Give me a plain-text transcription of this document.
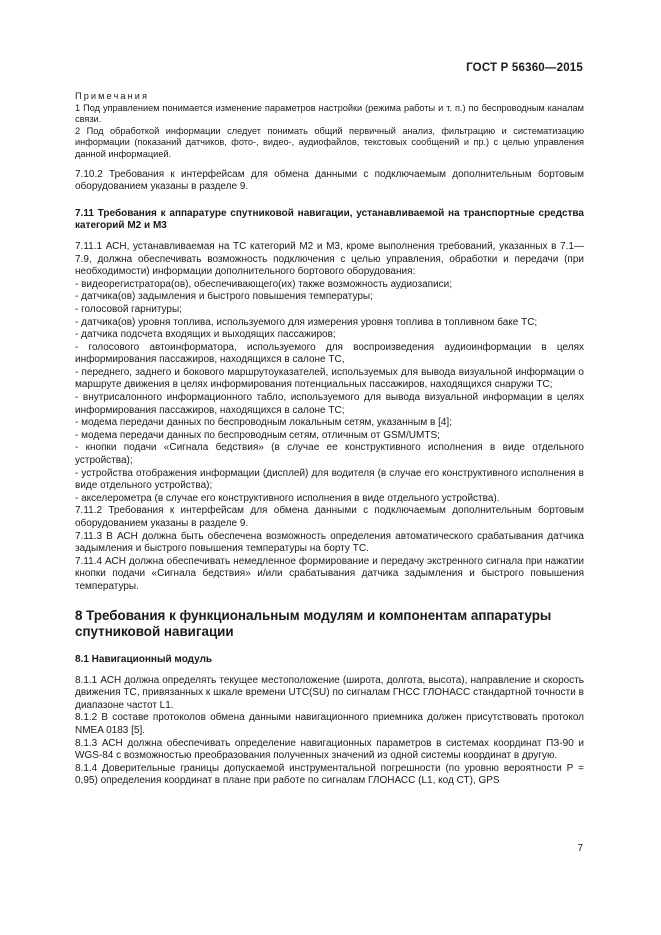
ГОСТ Р 56360—2015

Примечания

1 Под управлением понимается изменение параметров настройки (режима работы и т. п.) по беспроводным каналам связи.

2 Под обработкой информации следует понимать общий первичный анализ, фильтрацию и систематизацию информации (показаний датчиков, фото-, видео-, аудиофайлов, текстовых сообщений и пр.) с целью управления данной информацией.

7.10.2 Требования к интерфейсам для обмена данными с подключаемым дополнительным бортовым оборудованием указаны в разделе 9.

7.11 Требования к аппаратуре спутниковой навигации, устанавливаемой на транспортные средства категорий М2 и М3

7.11.1 АСН, устанавливаемая на ТС категорий М2 и М3, кроме выполнения требований, указанных в 7.1—7.9, должна обеспечивать возможность подключения с целью управления, обработки и передачи (при необходимости) информации дополнительного бортового оборудования:

- видеорегистратора(ов), обеспечивающего(их) также возможность аудиозаписи;

- датчика(ов) задымления и быстрого повышения температуры;

- голосовой гарнитуры;

- датчика(ов) уровня топлива, используемого для измерения уровня топлива в топливном баке ТС;

- датчика подсчета входящих и выходящих пассажиров;

- голосового автоинформатора, используемого для воспроизведения аудиоинформации в целях информирования пассажиров, находящихся в салоне ТС,

- переднего, заднего и бокового маршрутоуказателей, используемых для вывода визуальной информации о маршруте движения в целях информирования потенциальных пассажиров, находящихся снаружи ТС;

- внутрисалонного информационного табло, используемого для вывода визуальной информации в целях информирования пассажиров, находящихся в салоне ТС;

- модема передачи данных по беспроводным локальным сетям, указанным в [4];

- модема передачи данных по беспроводным сетям, отличным от GSM/UMTS;

- кнопки подачи «Сигнала бедствия» (в случае ее конструктивного исполнения в виде отдельного устройства);

- устройства отображения информации (дисплей) для водителя (в случае его конструктивного исполнения в виде отдельного устройства);

- акселерометра (в случае его конструктивного исполнения в виде отдельного устройства).

7.11.2 Требования к интерфейсам для обмена данными с подключаемым дополнительным бортовым оборудованием указаны в разделе 9.

7.11.3 В АСН должна быть обеспечена возможность определения автоматического срабатывания датчика задымления и быстрого повышения температуры на борту ТС.

7.11.4 АСН должна обеспечивать немедленное формирование и передачу экстренного сигнала при нажатии кнопки подачи «Сигнала бедствия» и/или срабатывания датчика задымления и быстрого повышения температуры.

8 Требования к функциональным модулям и компонентам аппаратуры спутниковой навигации

8.1 Навигационный модуль

8.1.1 АСН должна определять текущее местоположение (широта, долгота, высота), направление и скорость движения ТС, привязанных к шкале времени UTC(SU) по сигналам ГНСС ГЛОНАСС стандартной точности в диапазоне частот L1.

8.1.2 В составе протоколов обмена данными навигационного приемника должен присутствовать протокол NMEA 0183 [5].

8.1.3 АСН должна обеспечивать определение навигационных параметров в системах координат ПЗ-90 и WGS-84 с возможностью преобразования полученных значений из одной системы координат в другую.

8.1.4 Доверительные границы допускаемой инструментальной погрешности (по уровню вероятности Р = 0,95) определения координат в плане при работе по сигналам ГЛОНАСС (L1, код СТ), GPS

7
